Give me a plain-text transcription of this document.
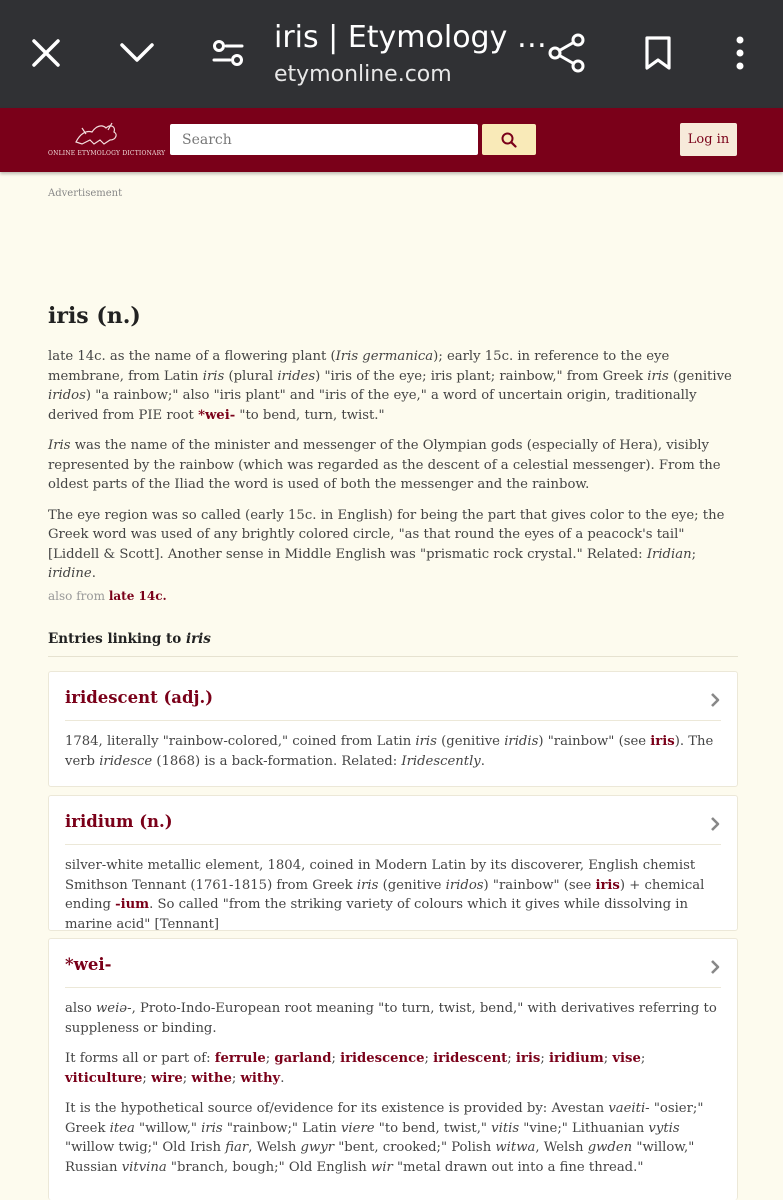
iris | Etymology …
etymonline.com
ONLINE ETYMOLOGY DICTIONARY
Search
Log in
Advertisement
iris (n.)

late 14c. as the name of a flowering plant (Iris germanica); early 15c. in reference to the eye membrane, from Latin iris (plural irides) "iris of the eye; iris plant; rainbow," from Greek iris (genitive iridos) "a rainbow;" also "iris plant" and "iris of the eye," a word of uncertain origin, traditionally derived from PIE root *wei- "to bend, turn, twist."

Iris was the name of the minister and messenger of the Olympian gods (especially of Hera), visibly represented by the rainbow (which was regarded as the descent of a celestial messenger). From the oldest parts of the Iliad the word is used of both the messenger and the rainbow.

The eye region was so called (early 15c. in English) for being the part that gives color to the eye; the Greek word was used of any brightly colored circle, "as that round the eyes of a peacock's tail" [Liddell & Scott]. Another sense in Middle English was "prismatic rock crystal." Related: Iridian; iridine.

also from late 14c.
Entries linking to iris
iridescent (adj.)

1784, literally "rainbow-colored," coined from Latin iris (genitive iridis) "rainbow" (see iris). The verb iridesce (1868) is a back-formation. Related: Iridescently.

iridium (n.)

silver-white metallic element, 1804, coined in Modern Latin by its discoverer, English chemist Smithson Tennant (1761-1815) from Greek iris (genitive iridos) "rainbow" (see iris) + chemical ending -ium. So called "from the striking variety of colours which it gives while dissolving in marine acid" [Tennant]

*wei-

also weiə-, Proto-Indo-European root meaning "to turn, twist, bend," with derivatives referring to suppleness or binding.

It forms all or part of: ferrule; garland; iridescence; iridescent; iris; iridium; vise; viticulture; wire; withe; withy.

It is the hypothetical source of/evidence for its existence is provided by: Avestan vaeiti- "osier;" Greek itea "willow," iris "rainbow;" Latin viere "to bend, twist," vitis "vine;" Lithuanian vytis "willow twig;" Old Irish fiar, Welsh gwyr "bent, crooked;" Polish witwa, Welsh gwden "willow," Russian vitvina "branch, bough;" Old English wir "metal drawn out into a fine thread."
